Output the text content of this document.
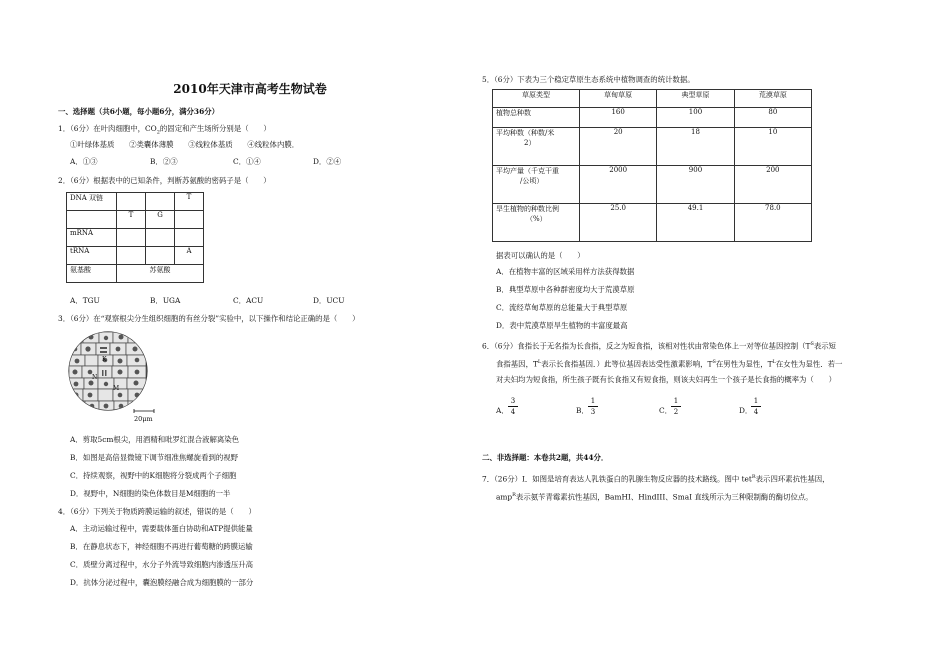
2010年天津市高考生物试卷
一、选择题（共6小题，每小题6分，满分36分）
1．（6分）在叶肉细胞中，$CO_2$的固定和产生场所分别是（　　）
①叶绿体基质　　②类囊体薄膜　　③线粒体基质　　④线粒体内膜．
A．①③	B．②③	C．①④	D．②④
2．（6分）根据表中的已知条件，判断苏氨酸的密码子是（　　）
DNA 双链			T
	T	G	
mRNA			
tRNA			A
氨基酸	苏氨酸		
A．TGU	B．UGA	C．ACU	D．UCU
3．（6分）在“观察根尖分生组织细胞的有丝分裂”实验中，以下操作和结论正确的是（　　）
K
N
M
20μm
A．剪取5cm根尖，用酒精和吡罗红混合液解离染色
B．如图是高倍显微镜下调节细准焦螺旋看到的视野
C．持续观察，视野中的K细胞将分裂成两个子细胞
D．视野中，N细胞的染色体数目是M细胞的一半
4．（6分）下列关于物质跨膜运输的叙述，错误的是（　　）
A．主动运输过程中，需要载体蛋白协助和ATP提供能量
B．在静息状态下，神经细胞不再进行葡萄糖的跨膜运输
C．质壁分离过程中，水分子外流导致细胞内渗透压升高
D．抗体分泌过程中，囊泡膜经融合成为细胞膜的一部分
5．（6分）下表为三个稳定草原生态系统中植物调查的统计数据。
草原类型	草甸草原	典型草原	荒漠草原
植物总种数	160	100	80
平均种数（种数/米
2）	20	18	10
平均产量（千克干重
/公顷）	2000	900	200
旱生植物的种数比例
（%）	25.0	49.1	78.0
据表可以确认的是（　　）
A．在植物丰富的区域采用样方法获得数据
B．典型草原中各种群密度均大于荒漠草原
C．流经草甸草原的总能量大于典型草原
D．表中荒漠草原旱生植物的丰富度最高
6．（6分）食指长于无名指为长食指，反之为短食指，该相对性状由常染色体上一对等位基因控制（$T^S$表示短
食指基因，$T^L$表示长食指基因．）此等位基因表达受性激素影响，$T^S$在男性为显性，$T^L$在女性为显性．若一
对夫妇均为短食指，所生孩子既有长食指又有短食指，则该夫妇再生一个孩子是长食指的概率为（　　）
A．
3
4	B．
1
3	C．
1
2	D．
1
4
二、非选择题：本卷共2题，共44分．
7．（26分）Ⅰ．如图是培育表达人乳铁蛋白的乳腺生物反应器的技术路线。图中 tet$^R$表示四环素抗性基因，
amp$^R$表示氨苄青霉素抗性基因，BamHI、HindIII、SmaI 直线所示为三种限制酶的酶切位点。
